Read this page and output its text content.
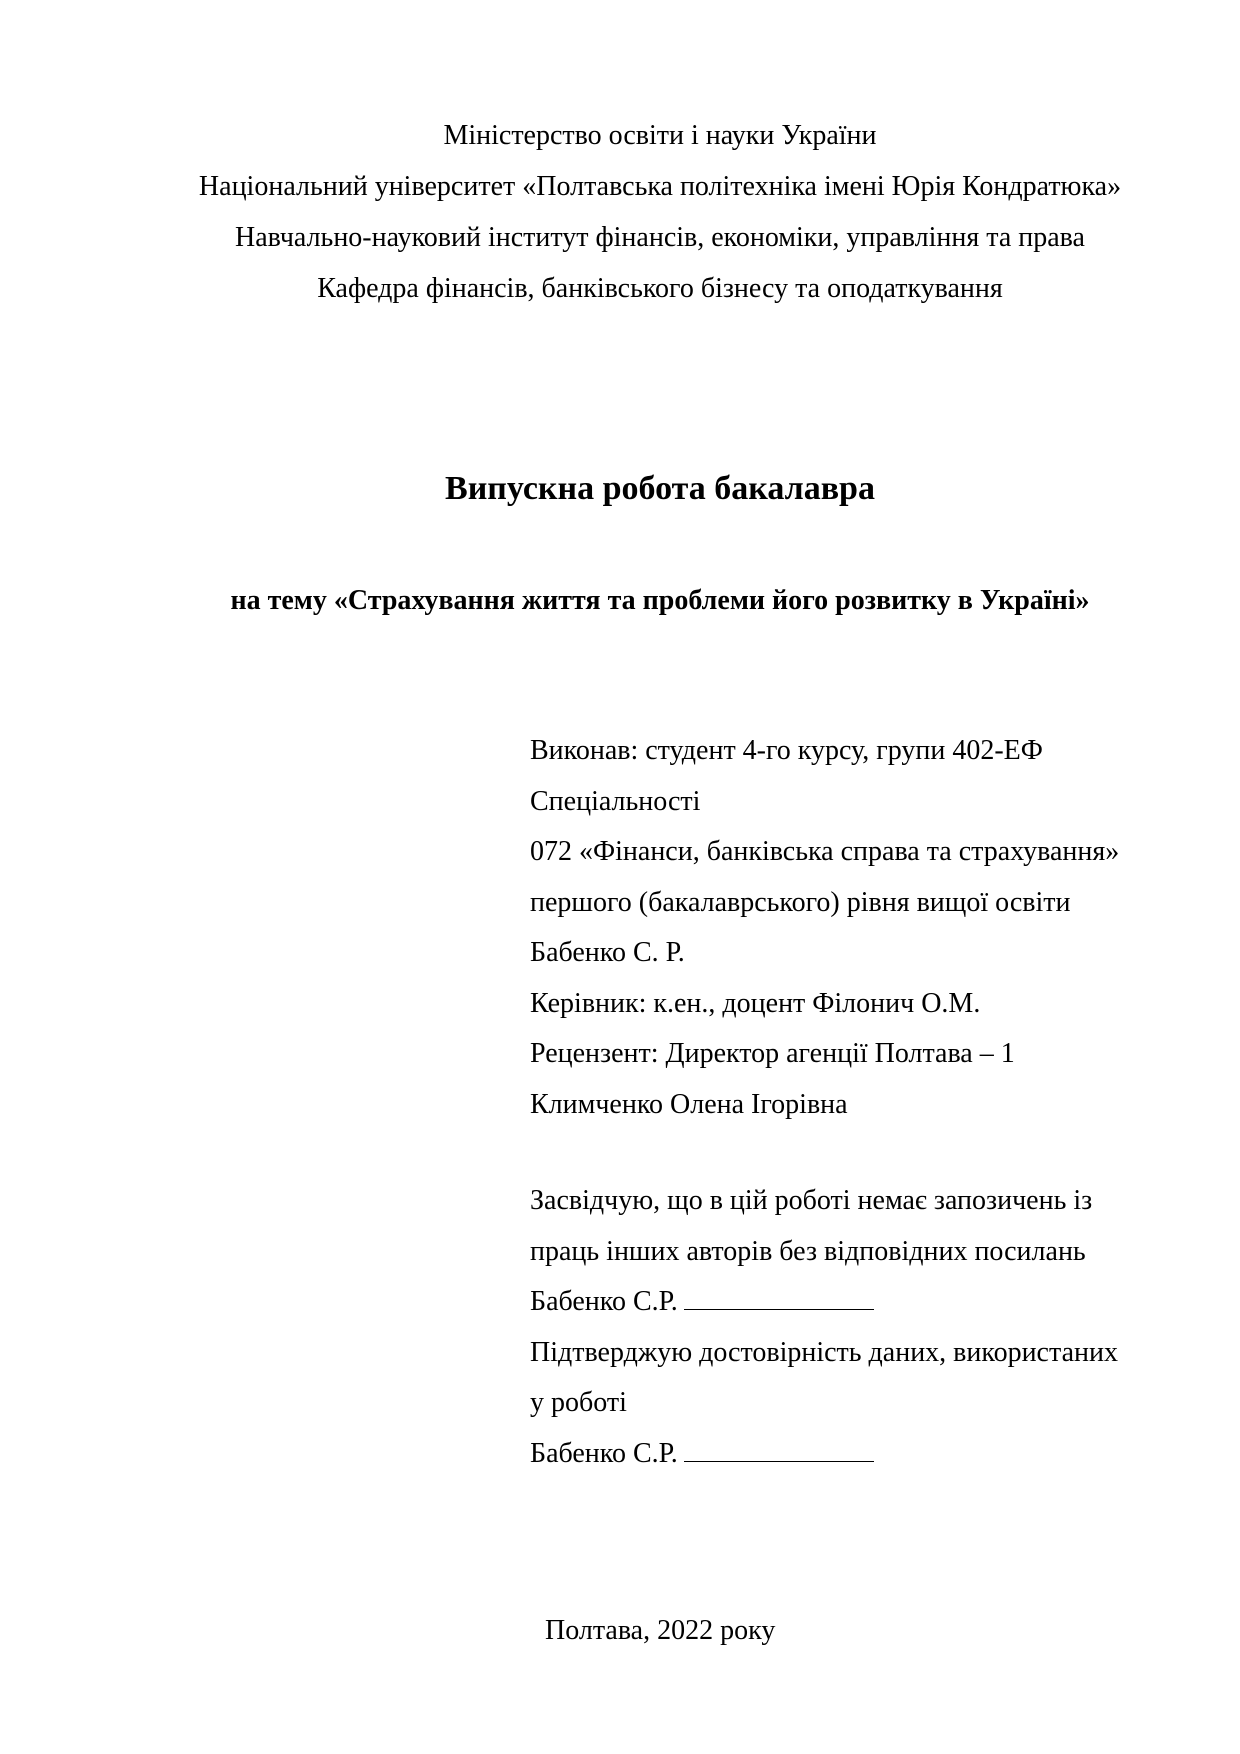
Міністерство освіти і науки України
Національний університет «Полтавська політехніка імені Юрія Кондратюка»
Навчально-науковий інститут фінансів, економіки, управління та права
Кафедра фінансів, банківського бізнесу та оподаткування
Випускна робота бакалавра
на тему «Страхування життя та проблеми його розвитку в Україні»
Виконав: студент 4-го курсу, групи 402-ЕФ
Спеціальності
072 «Фінанси, банківська справа та страхування»
першого (бакалаврського) рівня вищої освіти
Бабенко С. Р.
Керівник: к.ен., доцент Філонич О.М.
Рецензент: Директор агенції Полтава – 1
Климченко Олена Ігорівна
Засвідчую, що в цій роботі немає запозичень із
праць інших авторів без відповідних посилань
Бабенко С.Р.
Підтверджую достовірність даних, використаних
у роботі
Бабенко С.Р.
Полтава, 2022 року
